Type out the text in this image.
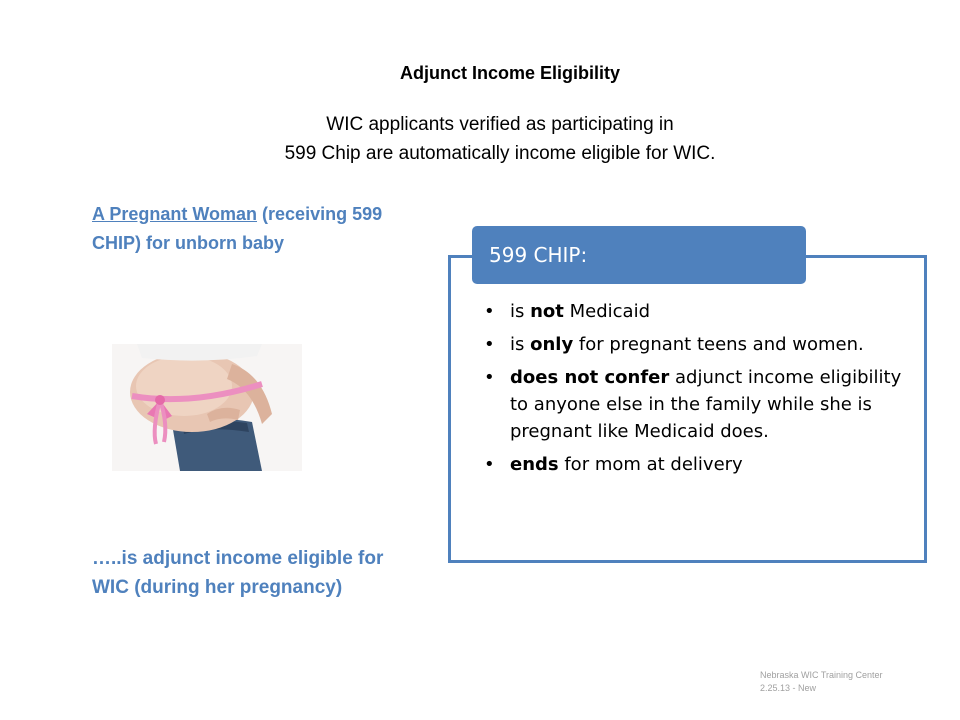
Adjunct Income Eligibility
WIC applicants verified as participating in
599 Chip are automatically income eligible for WIC.
A Pregnant Woman (receiving 599 CHIP) for unborn baby
…..is adjunct income eligible for WIC (during her pregnancy)
599 CHIP:
• is not Medicaid
• is only for pregnant teens and women.
• does not confer adjunct income eligibility to anyone else in the family while she is pregnant like Medicaid does.
• ends for mom at delivery
Nebraska WIC Training Center
2.25.13 - New
